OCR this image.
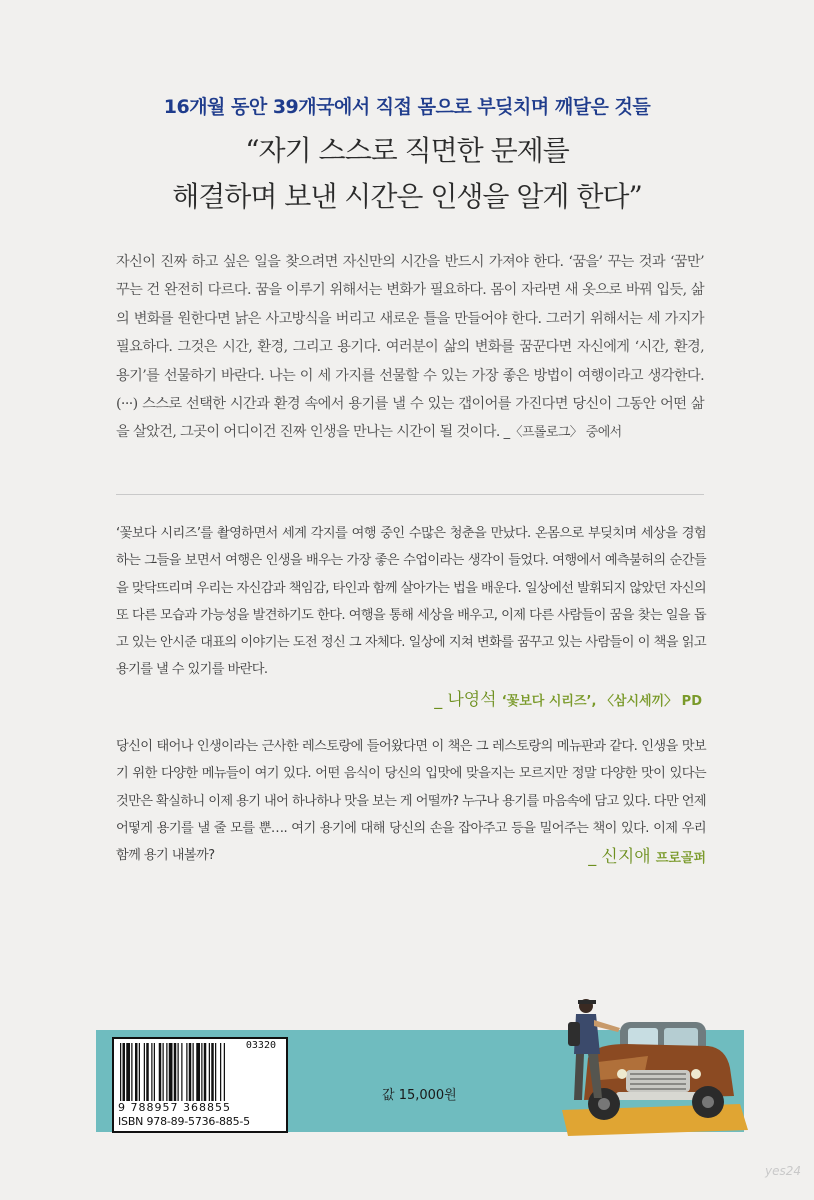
16개월 동안 39개국에서 직접 몸으로 부딪치며 깨달은 것들
“자기 스스로 직면한 문제를
해결하며 보낸 시간은 인생을 알게 한다”
자신이 진짜 하고 싶은 일을 찾으려면 자신만의 시간을 반드시 가져야 한다. ‘꿈을’ 꾸는 것과 ‘꿈만’ 꾸는 건 완전히 다르다. 꿈을 이루기 위해서는 변화가 필요하다. 몸이 자라면 새 옷으로 바꿔 입듯, 삶의 변화를 원한다면 낡은 사고방식을 버리고 새로운 틀을 만들어야 한다. 그러기 위해서는 세 가지가 필요하다. 그것은 시간, 환경, 그리고 용기다. 여러분이 삶의 변화를 꿈꾼다면 자신에게 ‘시간, 환경, 용기’를 선물하기 바란다. 나는 이 세 가지를 선물할 수 있는 가장 좋은 방법이 여행이라고 생각한다. (···) 스스로 선택한 시간과 환경 속에서 용기를 낼 수 있는 갭이어를 가진다면 당신이 그동안 어떤 삶을 살았건, 그곳이 어디이건 진짜 인생을 만나는 시간이 될 것이다. _〈프롤로그〉 중에서
‘꽃보다 시리즈’를 촬영하면서 세계 각지를 여행 중인 수많은 청춘을 만났다. 온몸으로 부딪치며 세상을 경험하는 그들을 보면서 여행은 인생을 배우는 가장 좋은 수업이라는 생각이 들었다. 여행에서 예측불허의 순간들을 맞닥뜨리며 우리는 자신감과 책임감, 타인과 함께 살아가는 법을 배운다. 일상에선 발휘되지 않았던 자신의 또 다른 모습과 가능성을 발견하기도 한다. 여행을 통해 세상을 배우고, 이제 다른 사람들이 꿈을 찾는 일을 돕고 있는 안시준 대표의 이야기는 도전 정신 그 자체다. 일상에 지쳐 변화를 꿈꾸고 있는 사람들이 이 책을 읽고 용기를 낼 수 있기를 바란다.
_ 나영석 ‘꽃보다 시리즈’, 〈삼시세끼〉 PD
당신이 태어나 인생이라는 근사한 레스토랑에 들어왔다면 이 책은 그 레스토랑의 메뉴판과 같다. 인생을 맛보기 위한 다양한 메뉴들이 여기 있다. 어떤 음식이 당신의 입맛에 맞을지는 모르지만 정말 다양한 맛이 있다는 것만은 확실하니 이제 용기 내어 하나하나 맛을 보는 게 어떨까? 누구나 용기를 마음속에 담고 있다. 다만 언제 어떻게 용기를 낼 줄 모를 뿐…. 여기 용기에 대해 당신의 손을 잡아주고 등을 밀어주는 책이 있다. 이제 우리 함께 용기 내볼까?	_ 신지애 프로골퍼
03320
9 788957 368855
ISBN 978-89-5736-885-5
값 15,000원
yes24
